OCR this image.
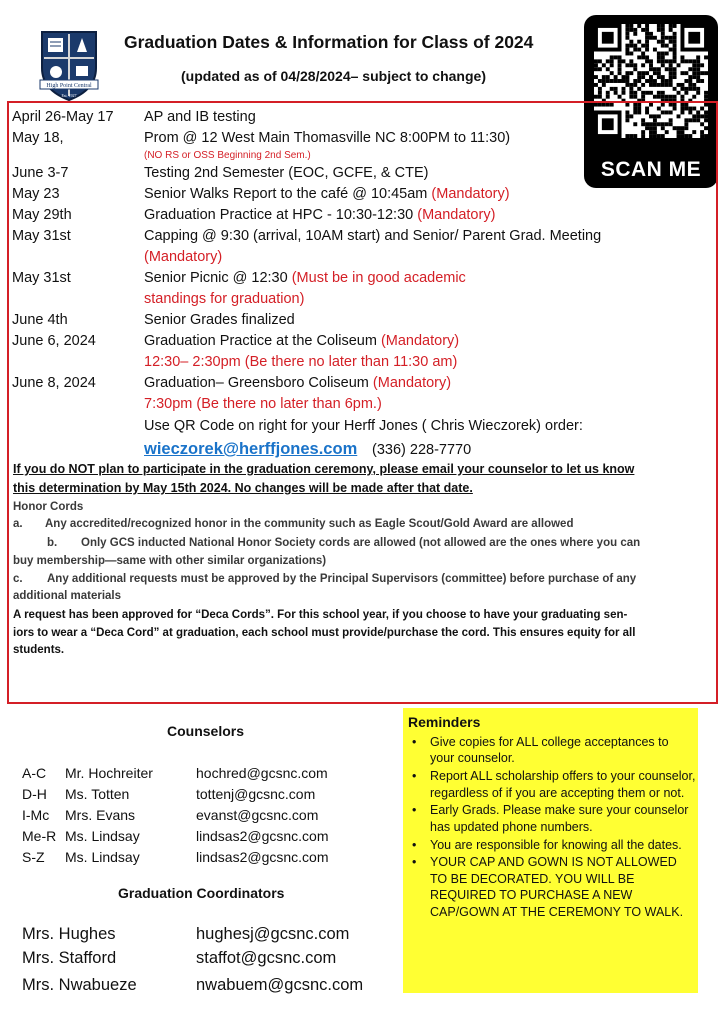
High Point Central
Est. 1927
Graduation Dates & Information for Class of 2024
(updated as of 04/28/2024– subject to change)
SCAN ME
April 26-May 17 AP and IB testing
May 18,	Prom @ 12 West Main Thomasville NC 8:00PM to 11:30)
(NO RS or OSS Beginning 2nd Sem.)
June 3-7	Testing 2nd Semester (EOC, GCFE, & CTE)
May 23	Senior Walks Report to the café @ 10:45am (Mandatory)
May 29th	Graduation Practice at HPC - 10:30-12:30 (Mandatory)
May 31st	Capping @ 9:30 (arrival, 10AM start) and Senior/ Parent Grad. Meeting
(Mandatory)
May 31st	Senior Picnic @ 12:30 (Must be in good academic
standings for graduation)
June 4th	Senior Grades finalized
June 6, 2024	Graduation Practice at the Coliseum (Mandatory)
12:30– 2:30pm (Be there no later than 11:30 am)
June 8, 2024	Graduation– Greensboro Coliseum (Mandatory)
7:30pm (Be there no later than 6pm.)
Use QR Code on right for your Herff Jones ( Chris Wieczorek) order:
wieczorek@herffjones.com (336) 228-7770
If you do NOT plan to participate in the graduation ceremony, please email your counselor to let us know
this determination by May 15th 2024. No changes will be made after that date.
Honor Cords
a. Any accredited/recognized honor in the community such as Eagle Scout/Gold Award are allowed
b. Only GCS inducted National Honor Society cords are allowed (not allowed are the ones where you can
buy membership—same with other similar organizations)
c. Any additional requests must be approved by the Principal Supervisors (committee) before purchase of any
additional materials
A request has been approved for “Deca Cords”. For this school year, if you choose to have your graduating sen-
iors to wear a “Deca Cord” at graduation, each school must provide/purchase the cord. This ensures equity for all
students.
Counselors
A-C Mr. Hochreiter	hochred@gcsnc.com
D-H Ms. Totten	tottenj@gcsnc.com
I-Mc Mrs. Evans	evanst@gcsnc.com
Me-R Ms. Lindsay	lindsas2@gcsnc.com
S-Z Ms. Lindsay	lindsas2@gcsnc.com
Graduation Coordinators
Mrs. Hughes	hughesj@gcsnc.com
Mrs. Stafford	staffot@gcsnc.com
Mrs. Nwabueze	nwabuem@gcsnc.com
Reminders
• Give copies for ALL college acceptances to your counselor.
• Report ALL scholarship offers to your counselor, regardless of if you are accepting them or not.
• Early Grads. Please make sure your counselor has updated phone numbers.
• You are responsible for knowing all the dates.
• YOUR CAP AND GOWN IS NOT ALLOWED TO BE DECORATED. YOU WILL BE REQUIRED TO PURCHASE A NEW CAP/GOWN AT THE CEREMONY TO WALK.
